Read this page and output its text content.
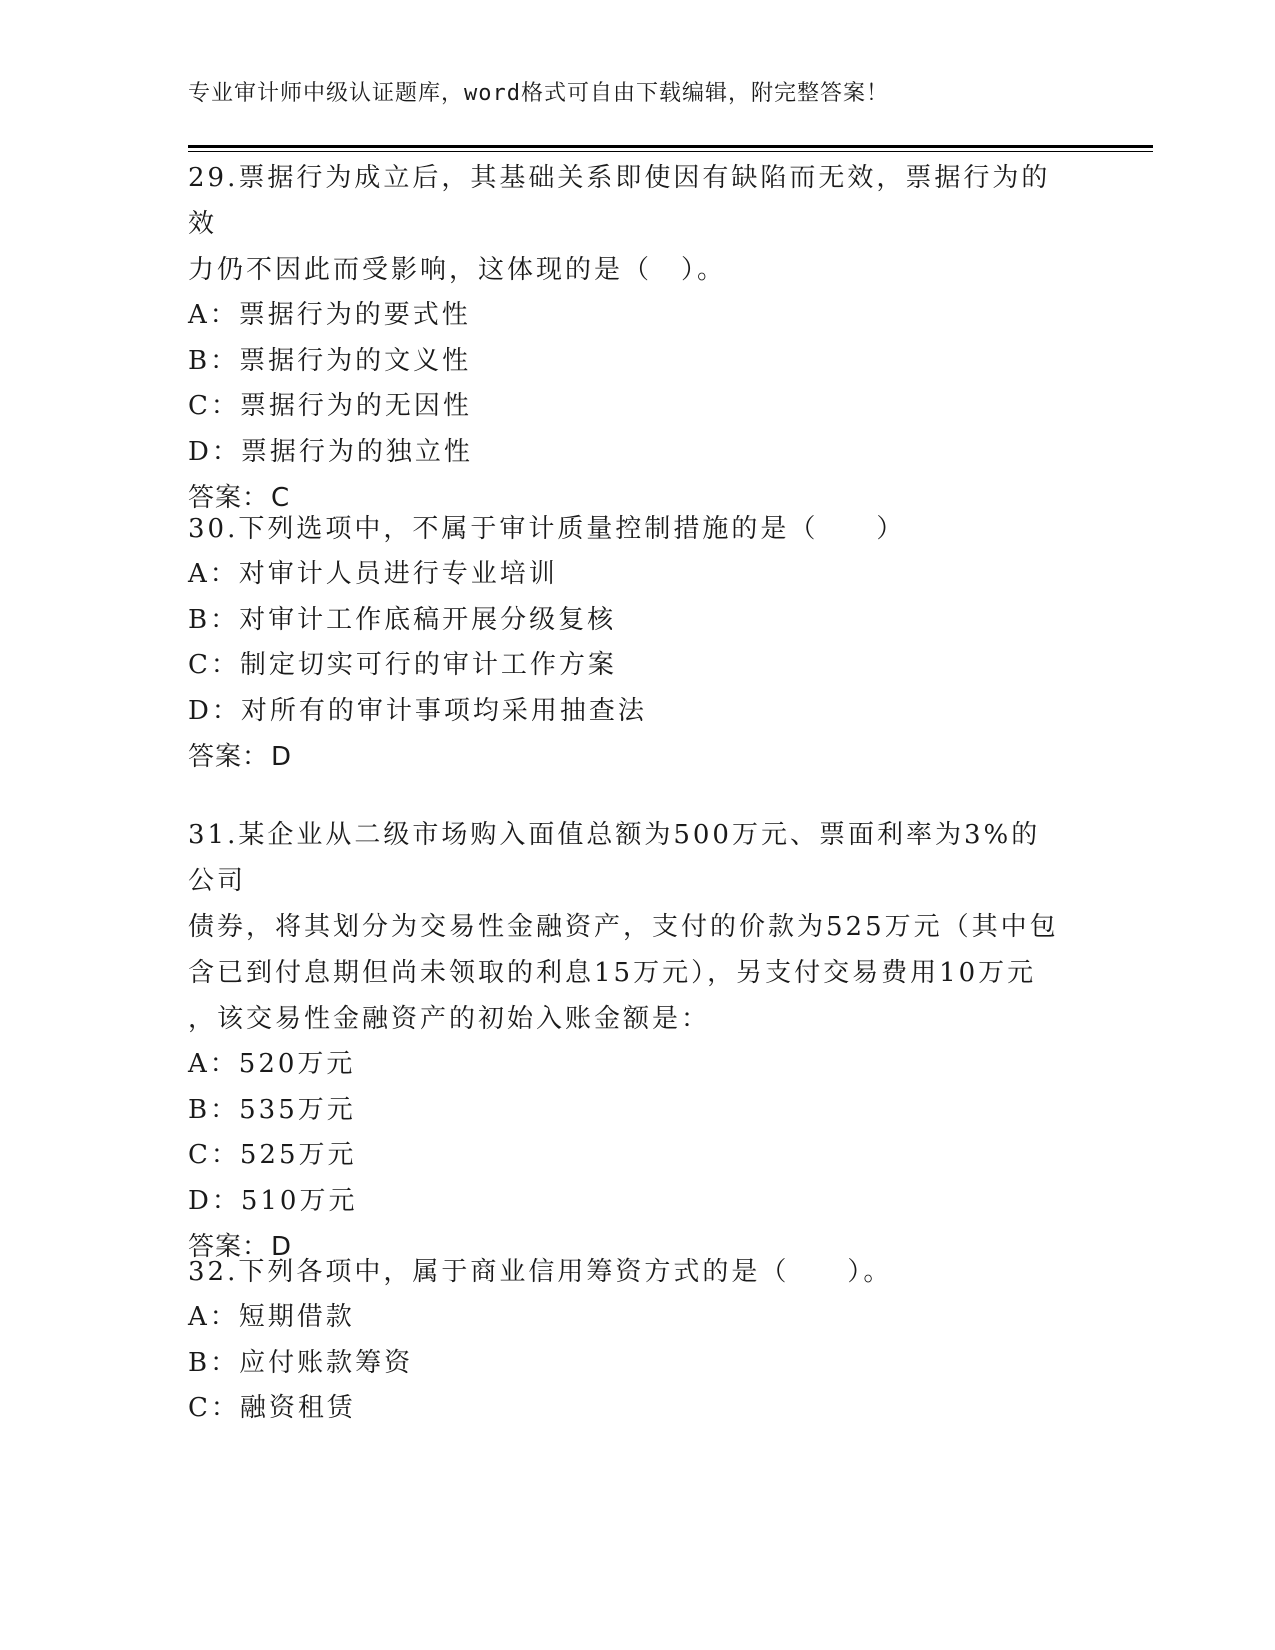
专业审计师中级认证题库，word格式可自由下载编辑，附完整答案！

29.票据行为成立后，其基础关系即使因有缺陷而无效，票据行为的效

力仍不因此而受影响，这体现的是（　）。

A：票据行为的要式性

B：票据行为的文义性

C：票据行为的无因性

D：票据行为的独立性

答案：C

30.下列选项中，不属于审计质量控制措施的是（　　）

A：对审计人员进行专业培训

B：对审计工作底稿开展分级复核

C：制定切实可行的审计工作方案

D：对所有的审计事项均采用抽查法

答案：D

31.某企业从二级市场购入面值总额为500万元、票面利率为3%的公司

债券，将其划分为交易性金融资产，支付的价款为525万元（其中包

含已到付息期但尚未领取的利息15万元），另支付交易费用10万元

，该交易性金融资产的初始入账金额是：

A：520万元

B：535万元

C：525万元

D：510万元

答案：D

32.下列各项中，属于商业信用筹资方式的是（　　）。

A：短期借款

B：应付账款筹资

C：融资租赁
